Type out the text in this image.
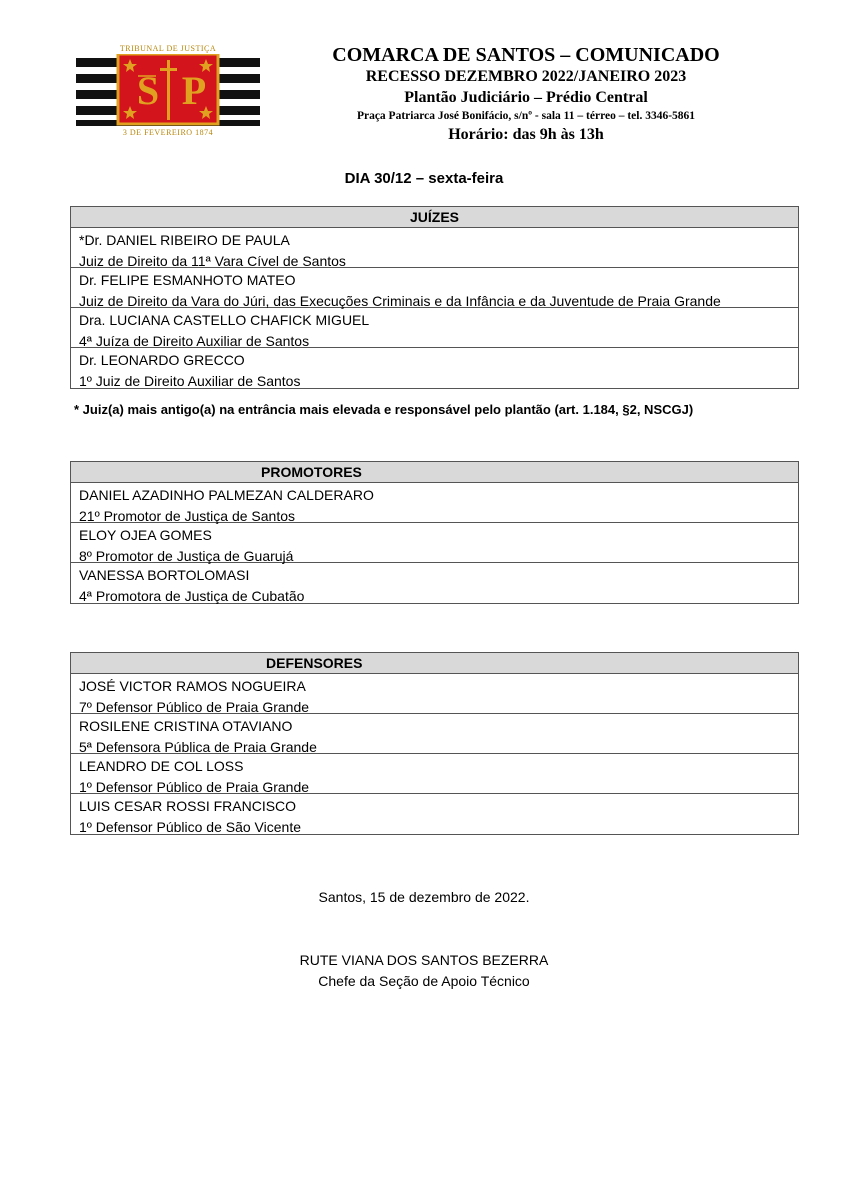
TRIBUNAL DE JUSTIÇA
S P
3 DE FEVEREIRO 1874
COMARCA DE SANTOS – COMUNICADO
RECESSO DEZEMBRO 2022/JANEIRO 2023
Plantão Judiciário – Prédio Central
Praça Patriarca José Bonifácio, s/nº - sala 11 – térreo – tel. 3346-5861
Horário: das 9h às 13h
DIA 30/12 – sexta-feira
JUÍZES
*Dr. DANIEL RIBEIRO DE PAULA
Juiz de Direito da 11ª Vara Cível de Santos
Dr. FELIPE ESMANHOTO MATEO
Juiz de Direito da Vara do Júri, das Execuções Criminais e da Infância e da Juventude de Praia Grande
Dra. LUCIANA CASTELLO CHAFICK MIGUEL
4ª Juíza de Direito Auxiliar de Santos
Dr. LEONARDO GRECCO
1º Juiz de Direito Auxiliar de Santos
* Juiz(a) mais antigo(a) na entrância mais elevada e responsável pelo plantão (art. 1.184, §2, NSCGJ)
PROMOTORES
DANIEL AZADINHO PALMEZAN CALDERARO
21º Promotor de Justiça de Santos
ELOY OJEA GOMES
8º Promotor de Justiça de Guarujá
VANESSA BORTOLOMASI
4ª Promotora de Justiça de Cubatão
DEFENSORES
JOSÉ VICTOR RAMOS NOGUEIRA
7º Defensor Público de Praia Grande
ROSILENE CRISTINA OTAVIANO
5ª Defensora Pública de Praia Grande
LEANDRO DE COL LOSS
1º Defensor Público de Praia Grande
LUIS CESAR ROSSI FRANCISCO
1º Defensor Público de São Vicente
Santos, 15 de dezembro de 2022.
RUTE VIANA DOS SANTOS BEZERRA
Chefe da Seção de Apoio Técnico
